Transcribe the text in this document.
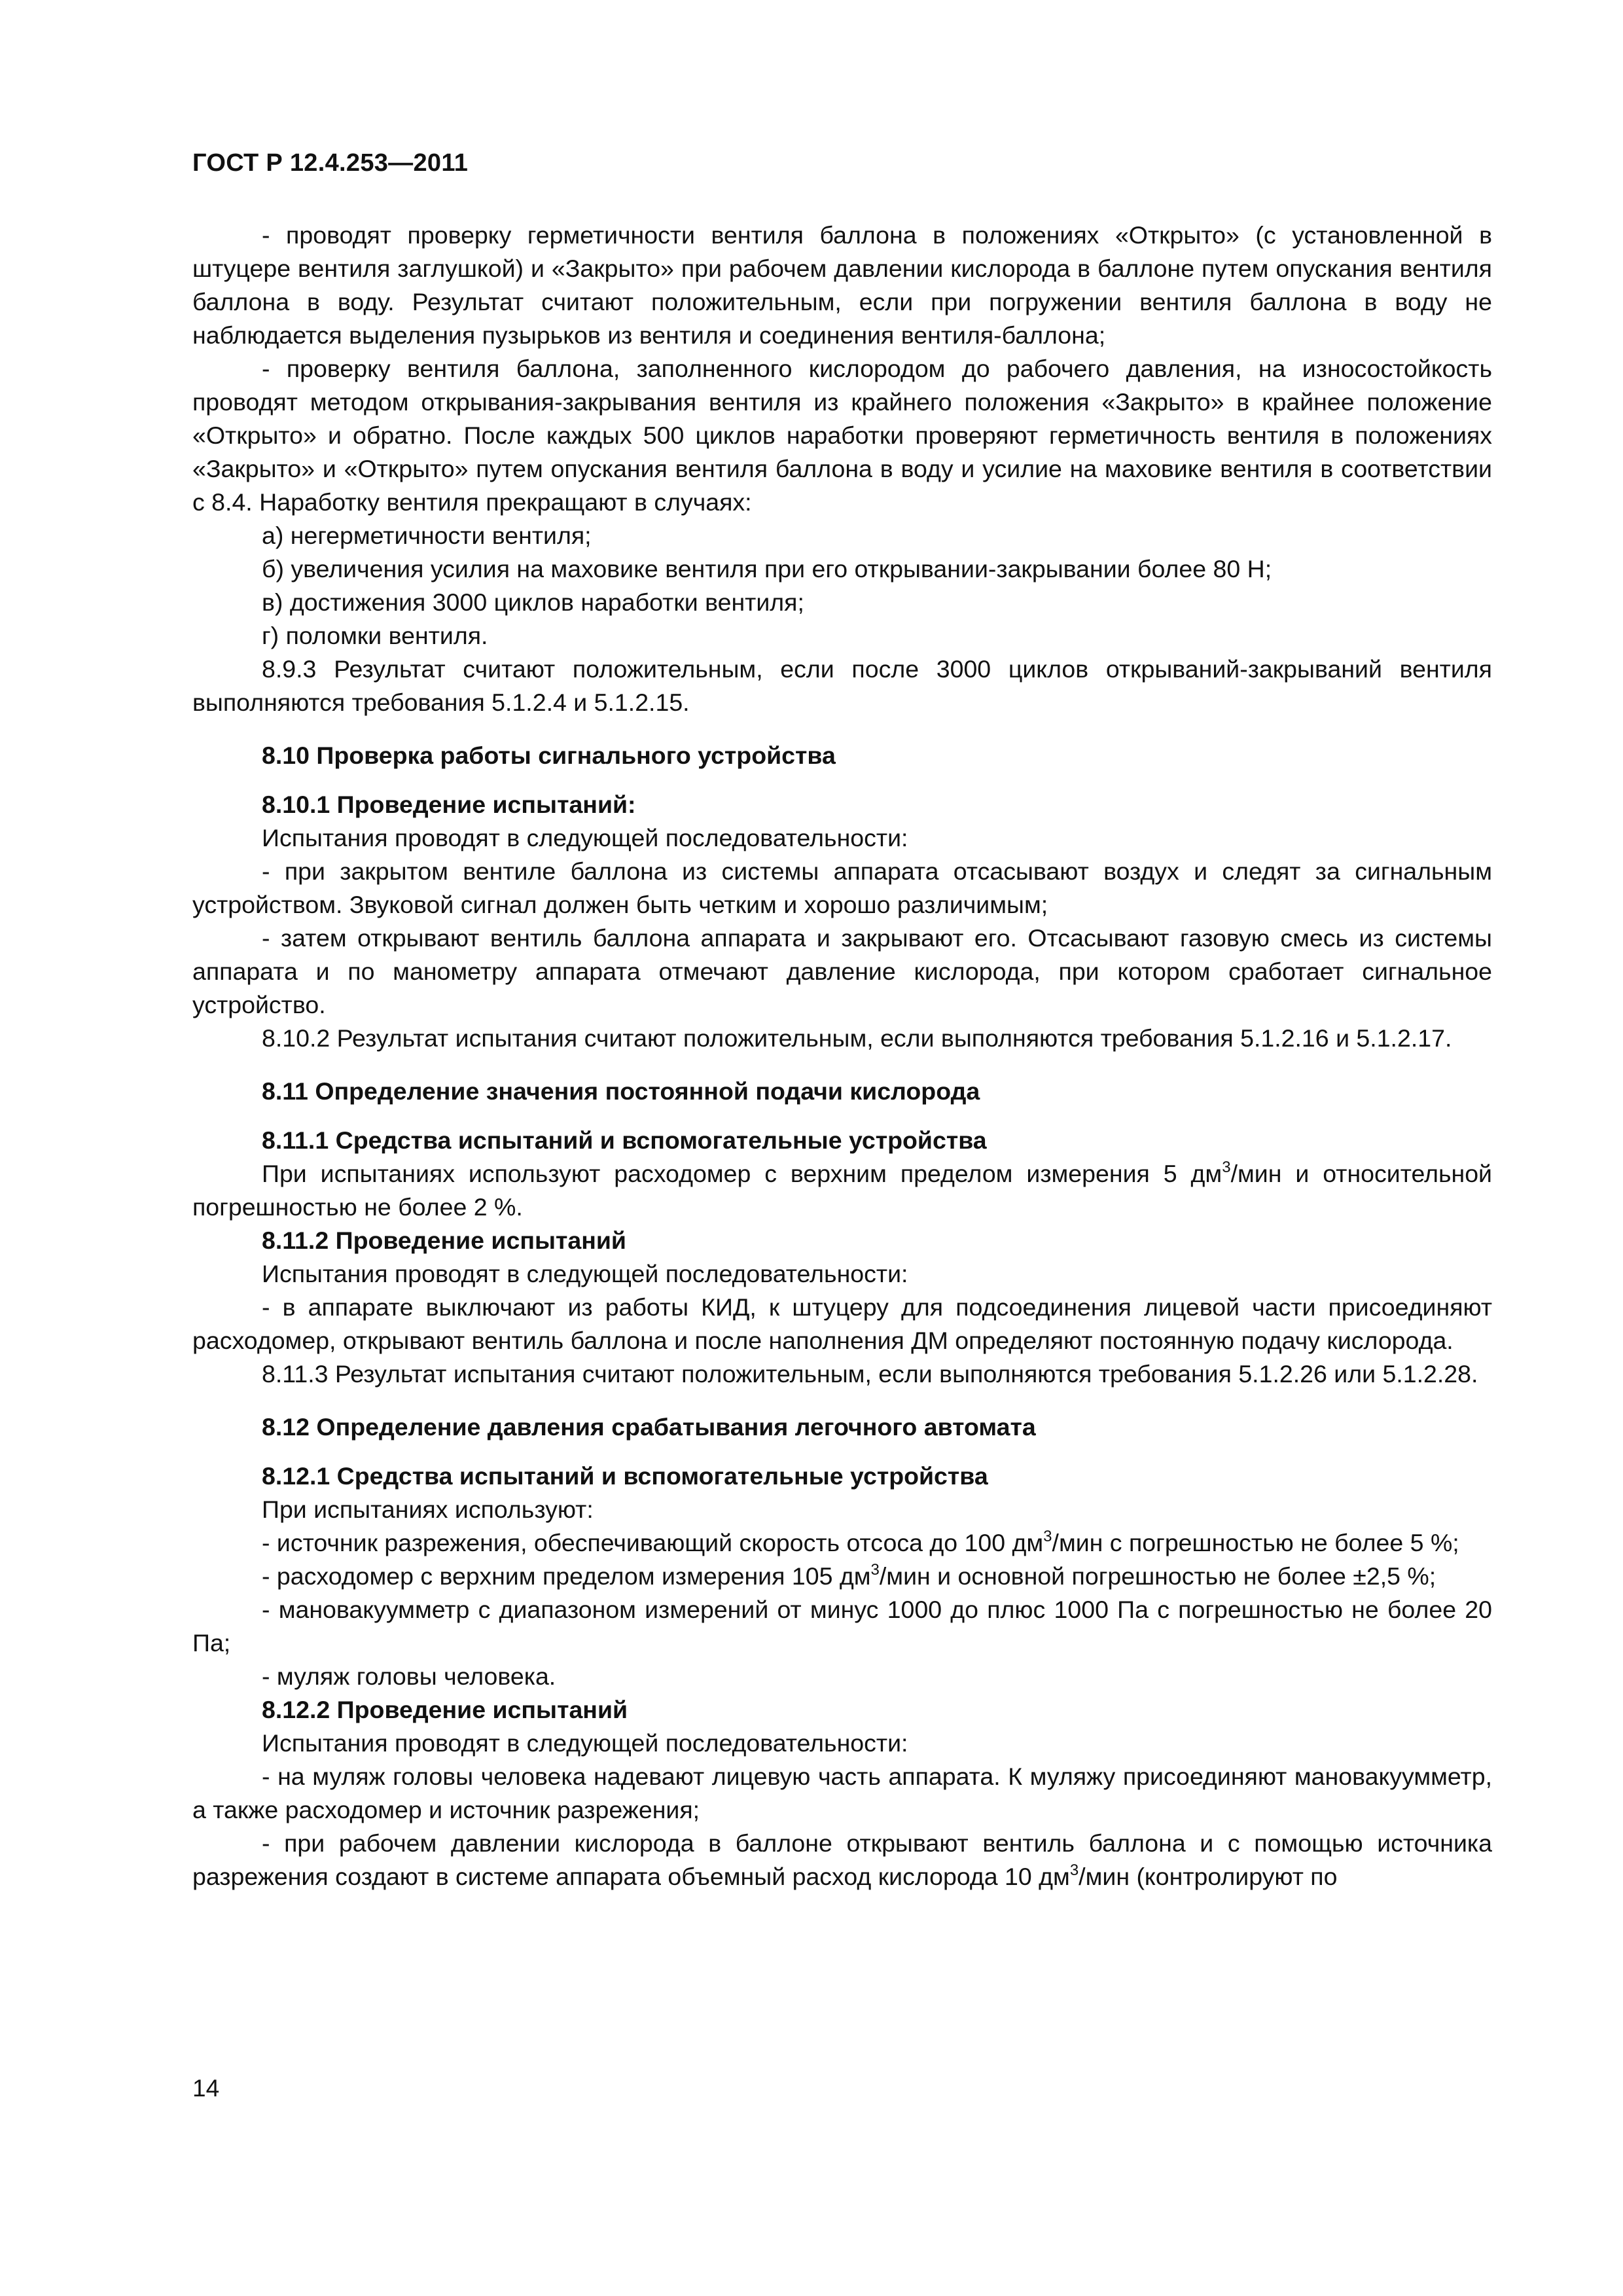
ГОСТ Р 12.4.253—2011

- проводят проверку герметичности вентиля баллона в положениях «Открыто» (с установленной в штуцере вентиля заглушкой) и «Закрыто» при рабочем давлении кислорода в баллоне путем опускания вентиля баллона в воду. Результат считают положительным, если при погружении вентиля баллона в воду не наблюдается выделения пузырьков из вентиля и соединения вентиля-баллона;

- проверку вентиля баллона, заполненного кислородом до рабочего давления, на износостойкость проводят методом открывания-закрывания вентиля из крайнего положения «Закрыто» в крайнее положение «Открыто» и обратно. После каждых 500 циклов наработки проверяют герметичность вентиля в положениях «Закрыто» и «Открыто» путем опускания вентиля баллона в воду и усилие на маховике вентиля в соответствии с 8.4. Наработку вентиля прекращают в случаях:

а) негерметичности вентиля;

б) увеличения усилия на маховике вентиля при его открывании-закрывании более 80 Н;

в) достижения 3000 циклов наработки вентиля;

г) поломки вентиля.

8.9.3 Результат считают положительным, если после 3000 циклов открываний-закрываний вентиля выполняются требования 5.1.2.4 и 5.1.2.15.

8.10 Проверка работы сигнального устройства

8.10.1 Проведение испытаний:

Испытания проводят в следующей последовательности:

- при закрытом вентиле баллона из системы аппарата отсасывают воздух и следят за сигнальным устройством. Звуковой сигнал должен быть четким и хорошо различимым;

- затем открывают вентиль баллона аппарата и закрывают его. Отсасывают газовую смесь из системы аппарата и по манометру аппарата отмечают давление кислорода, при котором сработает сигнальное устройство.

8.10.2 Результат испытания считают положительным, если выполняются требования 5.1.2.16 и 5.1.2.17.

8.11 Определение значения постоянной подачи кислорода

8.11.1 Средства испытаний и вспомогательные устройства

При испытаниях используют расходомер с верхним пределом измерения 5 $дм^3$/мин и относительной погрешностью не более 2 %.

8.11.2 Проведение испытаний

Испытания проводят в следующей последовательности:

- в аппарате выключают из работы КИД, к штуцеру для подсоединения лицевой части присоединяют расходомер, открывают вентиль баллона и после наполнения ДМ определяют постоянную подачу кислорода.

8.11.3 Результат испытания считают положительным, если выполняются требования 5.1.2.26 или 5.1.2.28.

8.12 Определение давления срабатывания легочного автомата

8.12.1 Средства испытаний и вспомогательные устройства

При испытаниях используют:

- источник разрежения, обеспечивающий скорость отсоса до 100 $дм^3$/мин с погрешностью не более 5 %;

- расходомер с верхним пределом измерения 105 $дм^3$/мин и основной погрешностью не более ±2,5 %;

- мановакуумметр с диапазоном измерений от минус 1000 до плюс 1000 Па с погрешностью не более 20 Па;

- муляж головы человека.

8.12.2 Проведение испытаний

Испытания проводят в следующей последовательности:

- на муляж головы человека надевают лицевую часть аппарата. К муляжу присоединяют мановакуумметр, а также расходомер и источник разрежения;

- при рабочем давлении кислорода в баллоне открывают вентиль баллона и с помощью источника разрежения создают в системе аппарата объемный расход кислорода 10 $дм^3$/мин (контролируют по

14
